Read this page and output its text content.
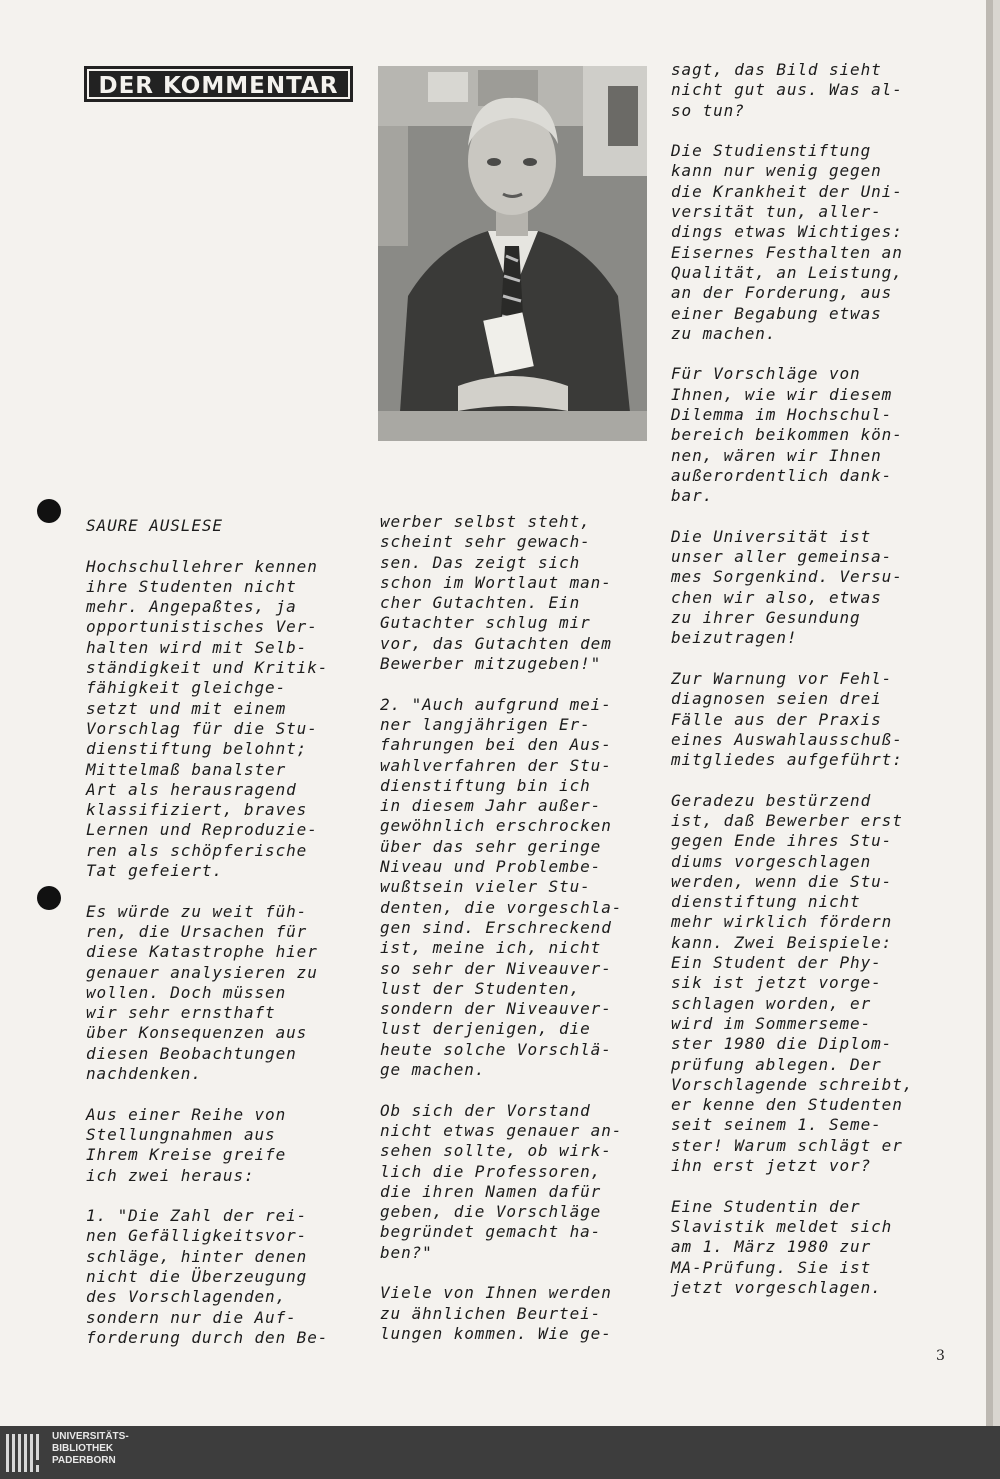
DER KOMMENTAR

SAURE AUSLESE

Hochschullehrer kennen
ihre Studenten nicht
mehr. Angepaßtes, ja
opportunistisches Ver-
halten wird mit Selb-
ständigkeit und Kritik-
fähigkeit gleichge-
setzt und mit einem
Vorschlag für die Stu-
dienstiftung belohnt;
Mittelmaß banalster
Art als herausragend
klassifiziert, braves
Lernen und Reproduzie-
ren als schöpferische
Tat gefeiert.

Es würde zu weit füh-
ren, die Ursachen für
diese Katastrophe hier
genauer analysieren zu
wollen. Doch müssen
wir sehr ernsthaft
über Konsequenzen aus
diesen Beobachtungen
nachdenken.

Aus einer Reihe von
Stellungnahmen aus
Ihrem Kreise greife
ich zwei heraus:

1. "Die Zahl der rei-
nen Gefälligkeitsvor-
schläge, hinter denen
nicht die Überzeugung
des Vorschlagenden,
sondern nur die Auf-
forderung durch den Be-

werber selbst steht,
scheint sehr gewach-
sen. Das zeigt sich
schon im Wortlaut man-
cher Gutachten. Ein
Gutachter schlug mir
vor, das Gutachten dem
Bewerber mitzugeben!"

2. "Auch aufgrund mei-
ner langjährigen Er-
fahrungen bei den Aus-
wahlverfahren der Stu-
dienstiftung bin ich
in diesem Jahr außer-
gewöhnlich erschrocken
über das sehr geringe
Niveau und Problembe-
wußtsein vieler Stu-
denten, die vorgeschla-
gen sind. Erschreckend
ist, meine ich, nicht
so sehr der Niveauver-
lust der Studenten,
sondern der Niveauver-
lust derjenigen, die
heute solche Vorschlä-
ge machen.

Ob sich der Vorstand
nicht etwas genauer an-
sehen sollte, ob wirk-
lich die Professoren,
die ihren Namen dafür
geben, die Vorschläge
begründet gemacht ha-
ben?"

Viele von Ihnen werden
zu ähnlichen Beurtei-
lungen kommen. Wie ge-

sagt, das Bild sieht
nicht gut aus. Was al-
so tun?

Die Studienstiftung
kann nur wenig gegen
die Krankheit der Uni-
versität tun, aller-
dings etwas Wichtiges:
Eisernes Festhalten an
Qualität, an Leistung,
an der Forderung, aus
einer Begabung etwas
zu machen.

Für Vorschläge von
Ihnen, wie wir diesem
Dilemma im Hochschul-
bereich beikommen kön-
nen, wären wir Ihnen
außerordentlich dank-
bar.

Die Universität ist
unser aller gemeinsa-
mes Sorgenkind. Versu-
chen wir also, etwas
zu ihrer Gesundung
beizutragen!

Zur Warnung vor Fehl-
diagnosen seien drei
Fälle aus der Praxis
eines Auswahlausschuß-
mitgliedes aufgeführt:

Geradezu bestürzend
ist, daß Bewerber erst
gegen Ende ihres Stu-
diums vorgeschlagen
werden, wenn die Stu-
dienstiftung nicht
mehr wirklich fördern
kann. Zwei Beispiele:
Ein Student der Phy-
sik ist jetzt vorge-
schlagen worden, er
wird im Sommerseme-
ster 1980 die Diplom-
prüfung ablegen. Der
Vorschlagende schreibt,
er kenne den Studenten
seit seinem 1. Seme-
ster! Warum schlägt er
ihn erst jetzt vor?

Eine Studentin der
Slavistik meldet sich
am 1. März 1980 zur
MA-Prüfung. Sie ist
jetzt vorgeschlagen.

3
UNIVERSITÄTS-
BIBLIOTHEK
PADERBORN
